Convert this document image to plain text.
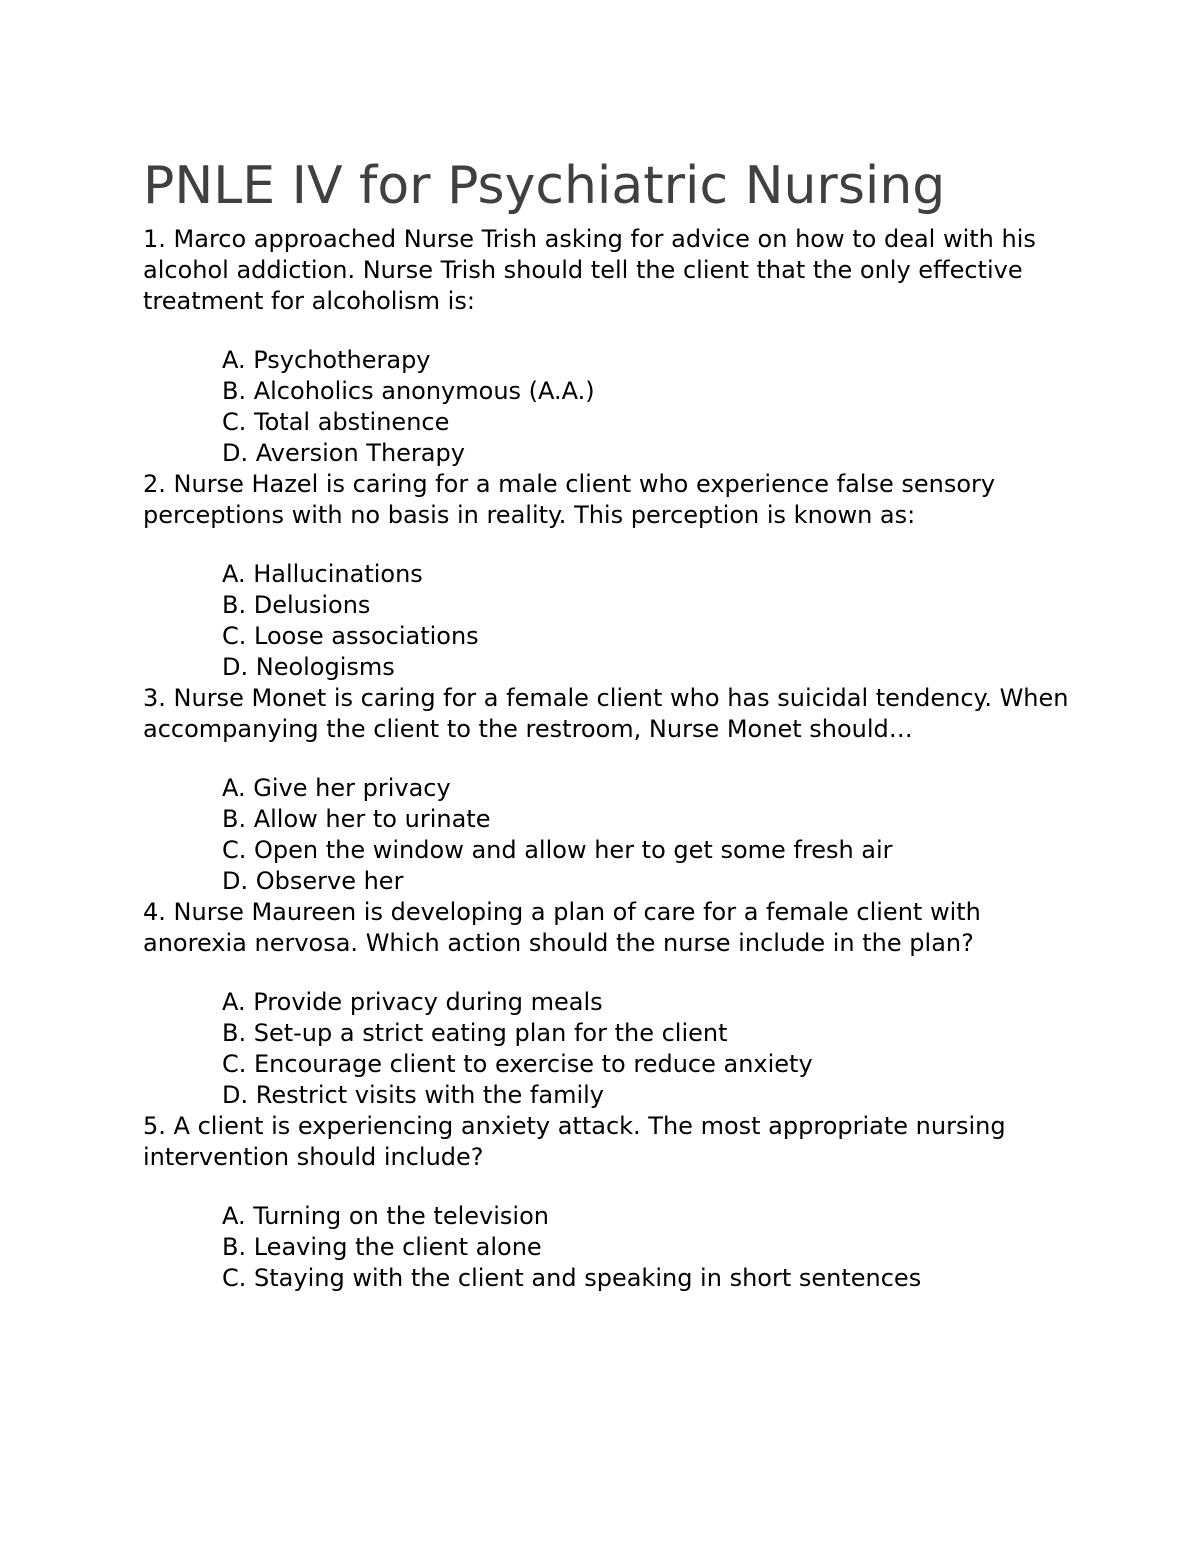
PNLE IV for Psychiatric Nursing

1. Marco approached Nurse Trish asking for advice on how to deal with his alcohol addiction. Nurse Trish should tell the client that the only effective treatment for alcoholism is:

A. Psychotherapy
B. Alcoholics anonymous (A.A.)
C. Total abstinence
D. Aversion Therapy

2. Nurse Hazel is caring for a male client who experience false sensory perceptions with no basis in reality. This perception is known as:

A. Hallucinations
B. Delusions
C. Loose associations
D. Neologisms

3. Nurse Monet is caring for a female client who has suicidal tendency. When accompanying the client to the restroom, Nurse Monet should…

A. Give her privacy
B. Allow her to urinate
C. Open the window and allow her to get some fresh air
D. Observe her

4. Nurse Maureen is developing a plan of care for a female client with anorexia nervosa. Which action should the nurse include in the plan?

A. Provide privacy during meals
B. Set-up a strict eating plan for the client
C. Encourage client to exercise to reduce anxiety
D. Restrict visits with the family

5. A client is experiencing anxiety attack. The most appropriate nursing intervention should include?

A. Turning on the television
B. Leaving the client alone
C. Staying with the client and speaking in short sentences
